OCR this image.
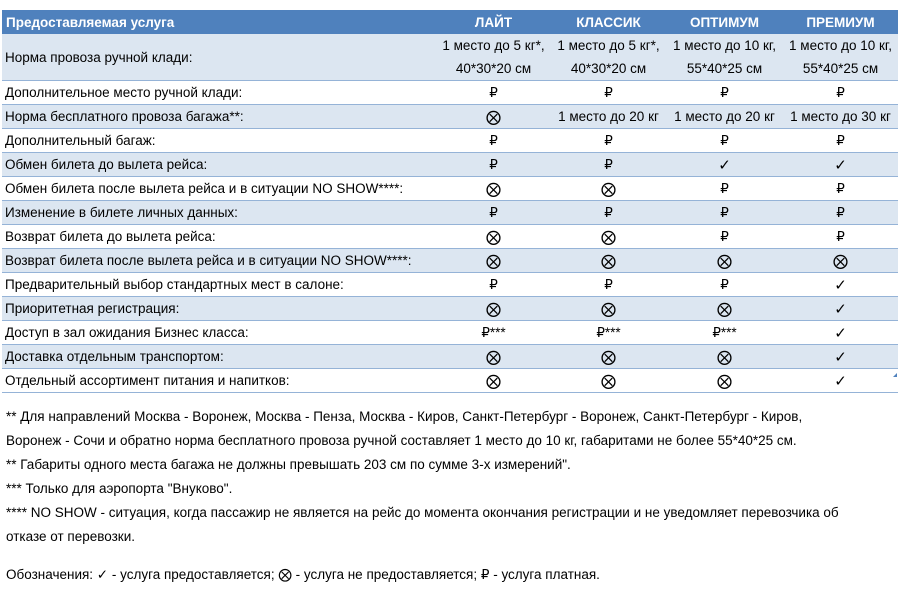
Предоставляемая услуга	ЛАЙТ	КЛАССИК	ОПТИМУМ	ПРЕМИУМ
Норма провоза ручной клади:	1 место до 5 кг*, 40*30*20 см	1 место до 5 кг*, 40*30*20 см	1 место до 10 кг, 55*40*25 см	1 место до 10 кг, 55*40*25 см
Дополнительное место ручной клади:	₽	₽	₽	₽
Норма бесплатного провоза багажа**:	⨂	1 место до 20 кг	1 место до 20 кг	1 место до 30 кг
Дополнительный багаж:	₽	₽	₽	₽
Обмен билета до вылета рейса:	₽	₽	✓	✓
Обмен билета после вылета рейса и в ситуации NO SHOW****:	⨂	⨂	₽	₽
Изменение в билете личных данных:	₽	₽	₽	₽
Возврат билета до вылета рейса:	⨂	⨂	₽	₽
Возврат билета после вылета рейса и в ситуации NO SHOW****:	⨂	⨂	⨂	⨂
Предварительный выбор стандартных мест в салоне:	₽	₽	₽	✓
Приоритетная регистрация:	⨂	⨂	⨂	✓
Доступ в зал ожидания Бизнес класса:	₽***	₽***	₽***	✓
Доставка отдельным транспортом:	⨂	⨂	⨂	✓
Отдельный ассортимент питания и напитков:	⨂	⨂	⨂	✓

** Для направлений Москва - Воронеж, Москва - Пенза, Москва - Киров, Санкт-Петербург - Воронеж, Санкт-Петербург - Киров,

Воронеж - Сочи и обратно норма бесплатного провоза ручной составляет 1 место до 10 кг, габаритами не более 55*40*25 см.

** Габариты одного места багажа не должны превышать 203 см по сумме 3-х измерений".

*** Только для аэропорта "Внуково".

**** NO SHOW - ситуация, когда пассажир не является на рейс до момента окончания регистрации и не уведомляет перевозчика об

отказе от перевозки.

Обозначения: ✓ - услуга предоставляется; ⨂ - услуга не предоставляется; ₽ - услуга платная.
